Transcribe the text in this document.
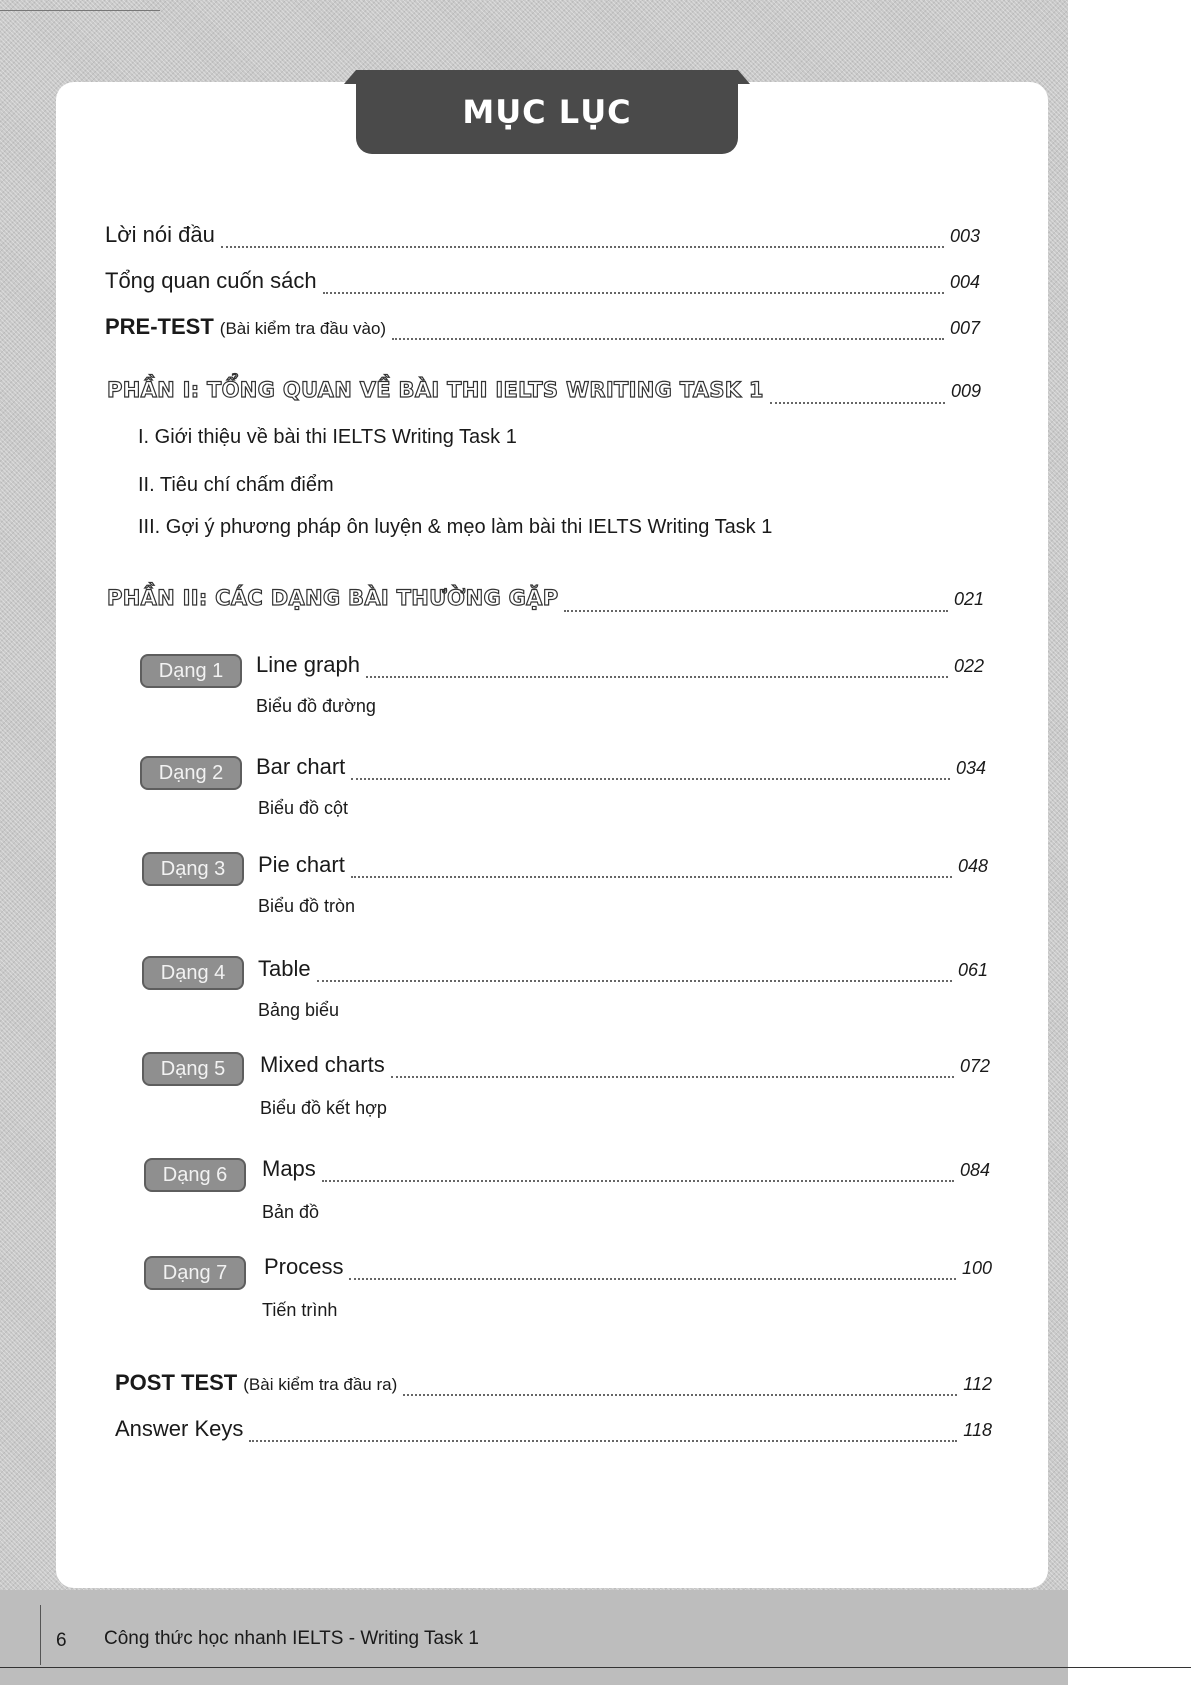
MỤC LỤC
Lời nói đầu	003
Tổng quan cuốn sách	004
PRE-TEST (Bài kiểm tra đầu vào)	007
PHẦN I: TỔNG QUAN VỀ BÀI THI IELTS WRITING TASK 1	009
I. Giới thiệu về bài thi IELTS Writing Task 1
II. Tiêu chí chấm điểm
III. Gợi ý phương pháp ôn luyện & mẹo làm bài thi IELTS Writing Task 1
PHẦN II: CÁC DẠNG BÀI THƯỜNG GẶP	021
Dạng 1	Line graph	022
Biểu đồ đường
Dạng 2	Bar chart	034
Biểu đồ cột
Dạng 3	Pie chart	048
Biểu đồ tròn
Dạng 4	Table	061
Bảng biểu
Dạng 5	Mixed charts	072
Biểu đồ kết hợp
Dạng 6	Maps	084
Bản đồ
Dạng 7	Process	100
Tiến trình
POST TEST (Bài kiểm tra đầu ra)	112
Answer Keys	118
6 Công thức học nhanh IELTS - Writing Task 1
